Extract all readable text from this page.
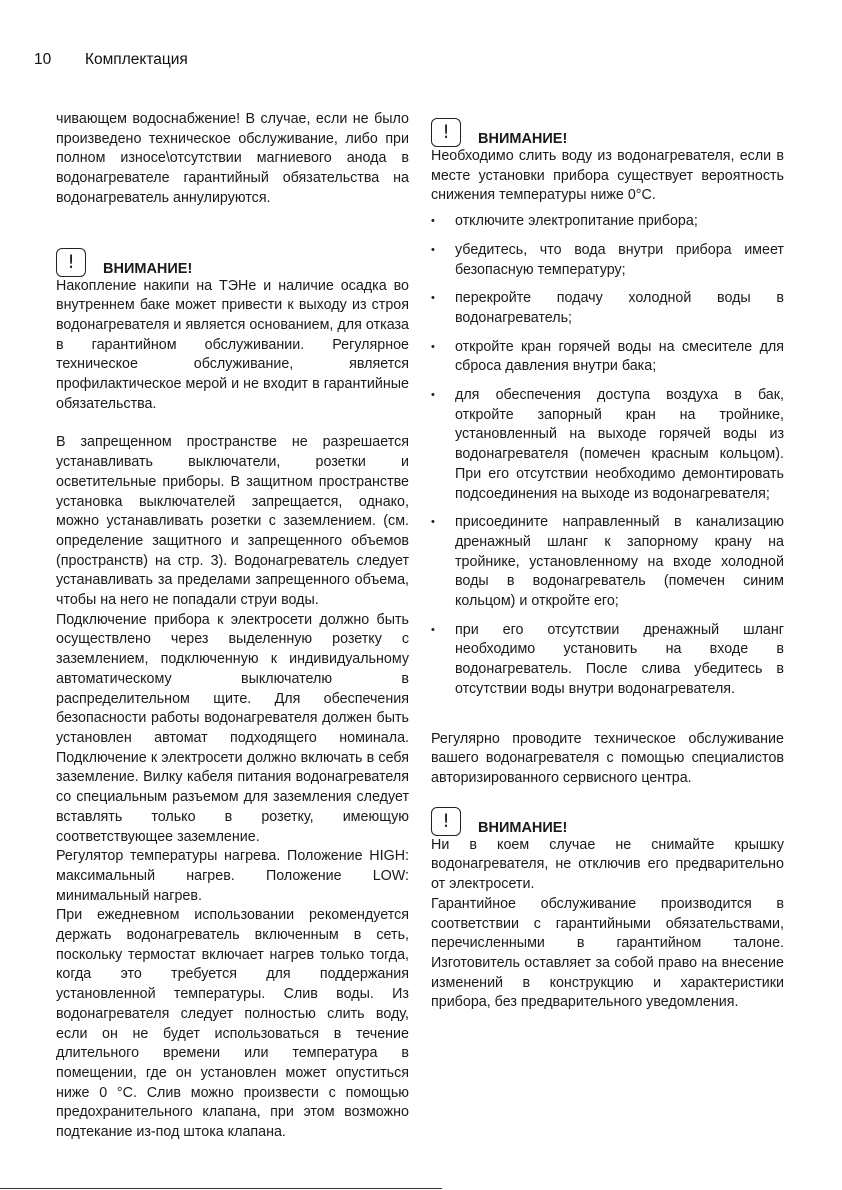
10 Комплектация

чивающем водоснабжение! В случае, если не было произведено техническое обслуживание, либо при полном износе\отсутствии магниевого анода в водонагревателе гарантийный обязательства на водонагреватель аннулируются.

!
ВНИМАНИЕ!

Накопление накипи на ТЭНе и наличие осадка во внутреннем баке может привести к выходу из строя водонагревателя и является основанием, для отказа в гарантийном обслуживании. Регулярное техническое обслуживание, является профилактическое мерой и не входит в гарантийные обязательства.

В запрещенном пространстве не разрешается устанавливать выключатели, розетки и осветительные приборы. В защитном пространстве установка выключателей запрещается, однако, можно устанавливать розетки с заземлением. (см. определение защитного и запрещенного объемов (пространств) на стр. 3). Водонагреватель следует устанавливать за пределами запрещенного объема, чтобы на него не попадали струи воды.

Подключение прибора к электросети должно быть осуществлено через выделенную розетку с заземлением, подключенную к индивидуальному автоматическому выключателю в распределительном щите. Для обеспечения безопасности работы водонагревателя должен быть установлен автомат подходящего номинала. Подключение к электросети должно включать в себя заземление. Вилку кабеля питания водонагревателя со специальным разъемом для заземления следует вставлять только в розетку, имеющую соответствующее заземление.

Регулятор температуры нагрева. Положение HIGH: максимальный нагрев. Положение LOW: минимальный нагрев.

При ежедневном использовании рекомендуется держать водонагреватель включенным в сеть, поскольку термостат включает нагрев только тогда, когда это требуется для поддержания установленной температуры. Слив воды. Из водонагревателя следует полностью слить воду, если он не будет использоваться в течение длительного времени или температура в помещении, где он установлен может опуститься ниже 0 °C. Слив можно произвести с помощью предохранительного клапана, при этом возможно подтекание из-под штока клапана.

!
ВНИМАНИЕ!

Необходимо слить воду из водонагревателя, если в месте установки прибора существует вероятность снижения температуры ниже 0°C.

• отключите электропитание прибора;
• убедитесь, что вода внутри прибора имеет безопасную температуру;
• перекройте подачу холодной воды в водонагреватель;
• откройте кран горячей воды на смесителе для сброса давления внутри бака;
• для обеспечения доступа воздуха в бак, откройте запорный кран на тройнике, установленный на выходе горячей воды из водонагревателя (помечен красным кольцом). При его отсутствии необходимо демонтировать подсоединения на выходе из водонагревателя;
• присоедините направленный в канализацию дренажный шланг к запорному крану на тройнике, установленному на входе холодной воды в водонагреватель (помечен синим кольцом) и откройте его;
• при его отсутствии дренажный шланг необходимо установить на входе в водонагреватель. После слива убедитесь в отсутствии воды внутри водонагревателя.

Регулярно проводите техническое обслуживание вашего водонагревателя с помощью специалистов авторизированного сервисного центра.

!
ВНИМАНИЕ!

Ни в коем случае не снимайте крышку водонагревателя, не отключив его предварительно от электросети.

Гарантийное обслуживание производится в соответствии с гарантийными обязательствами, перечисленными в гарантийном талоне. Изготовитель оставляет за собой право на внесение изменений в конструкцию и характеристики прибора, без предварительного уведомления.
